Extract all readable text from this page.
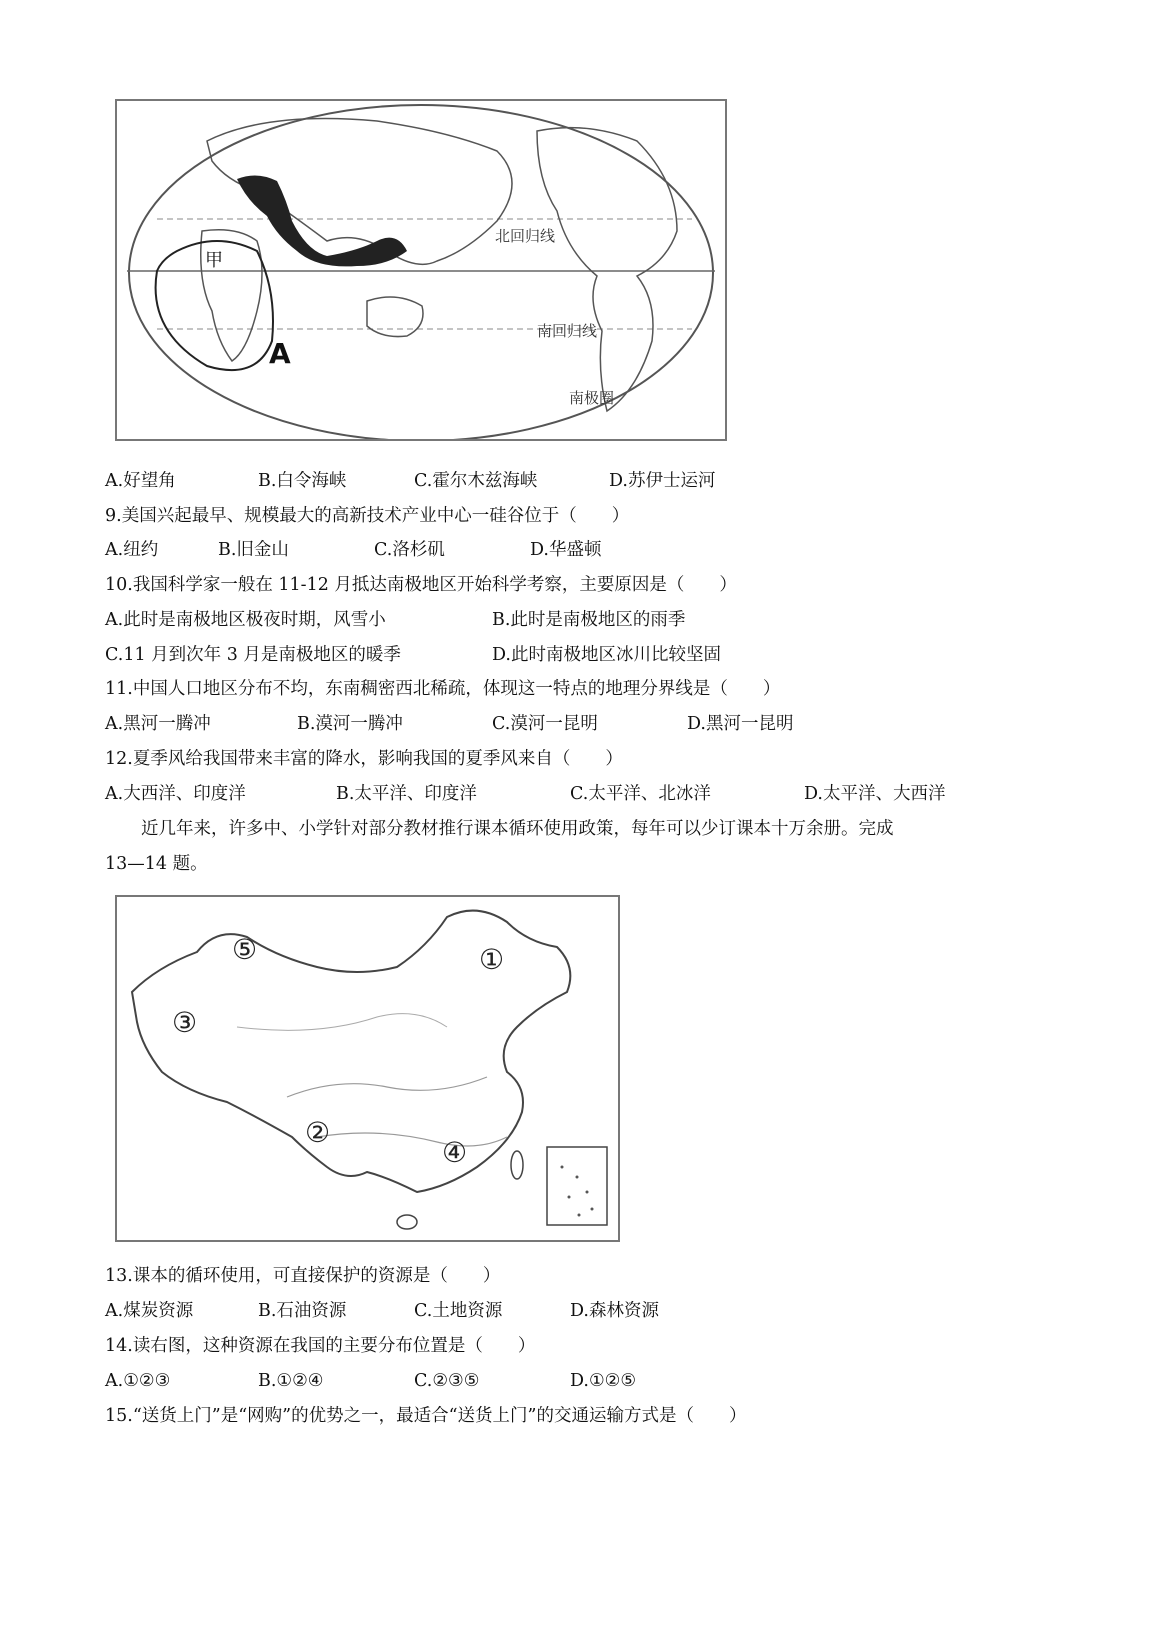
甲
A
北回归线
南回归线
南极圈
A.好望角	B.白令海峡	C.霍尔木兹海峡	D.苏伊士运河
9.美国兴起最早、规模最大的高新技术产业中心一硅谷位于（　　）
A.纽约	B.旧金山	C.洛杉矶	D.华盛顿
10.我国科学家一般在 11-12 月抵达南极地区开始科学考察，主要原因是（　　）
A.此时是南极地区极夜时期，风雪小	B.此时是南极地区的雨季
C.11 月到次年 3 月是南极地区的暖季	D.此时南极地区冰川比较坚固
11.中国人口地区分布不均，东南稠密西北稀疏，体现这一特点的地理分界线是（　　）
A.黑河一腾冲	B.漠河一腾冲	C.漠河一昆明	D.黑河一昆明
12.夏季风给我国带来丰富的降水，影响我国的夏季风来自（　　）
A.大西洋、印度洋	B.太平洋、印度洋	C.太平洋、北冰洋	D.太平洋、大西洋
近几年来，许多中、小学针对部分教材推行课本循环使用政策，每年可以少订课本十万余册。完成
13—14 题。
①
②
③
④
⑤
13.课本的循环使用，可直接保护的资源是（　　）
A.煤炭资源	B.石油资源	C.土地资源	D.森林资源
14.读右图，这种资源在我国的主要分布位置是（　　）
A.①②③	B.①②④	C.②③⑤	D.①②⑤
15.“送货上门”是“网购”的优势之一，最适合“送货上门”的交通运输方式是（　　）
